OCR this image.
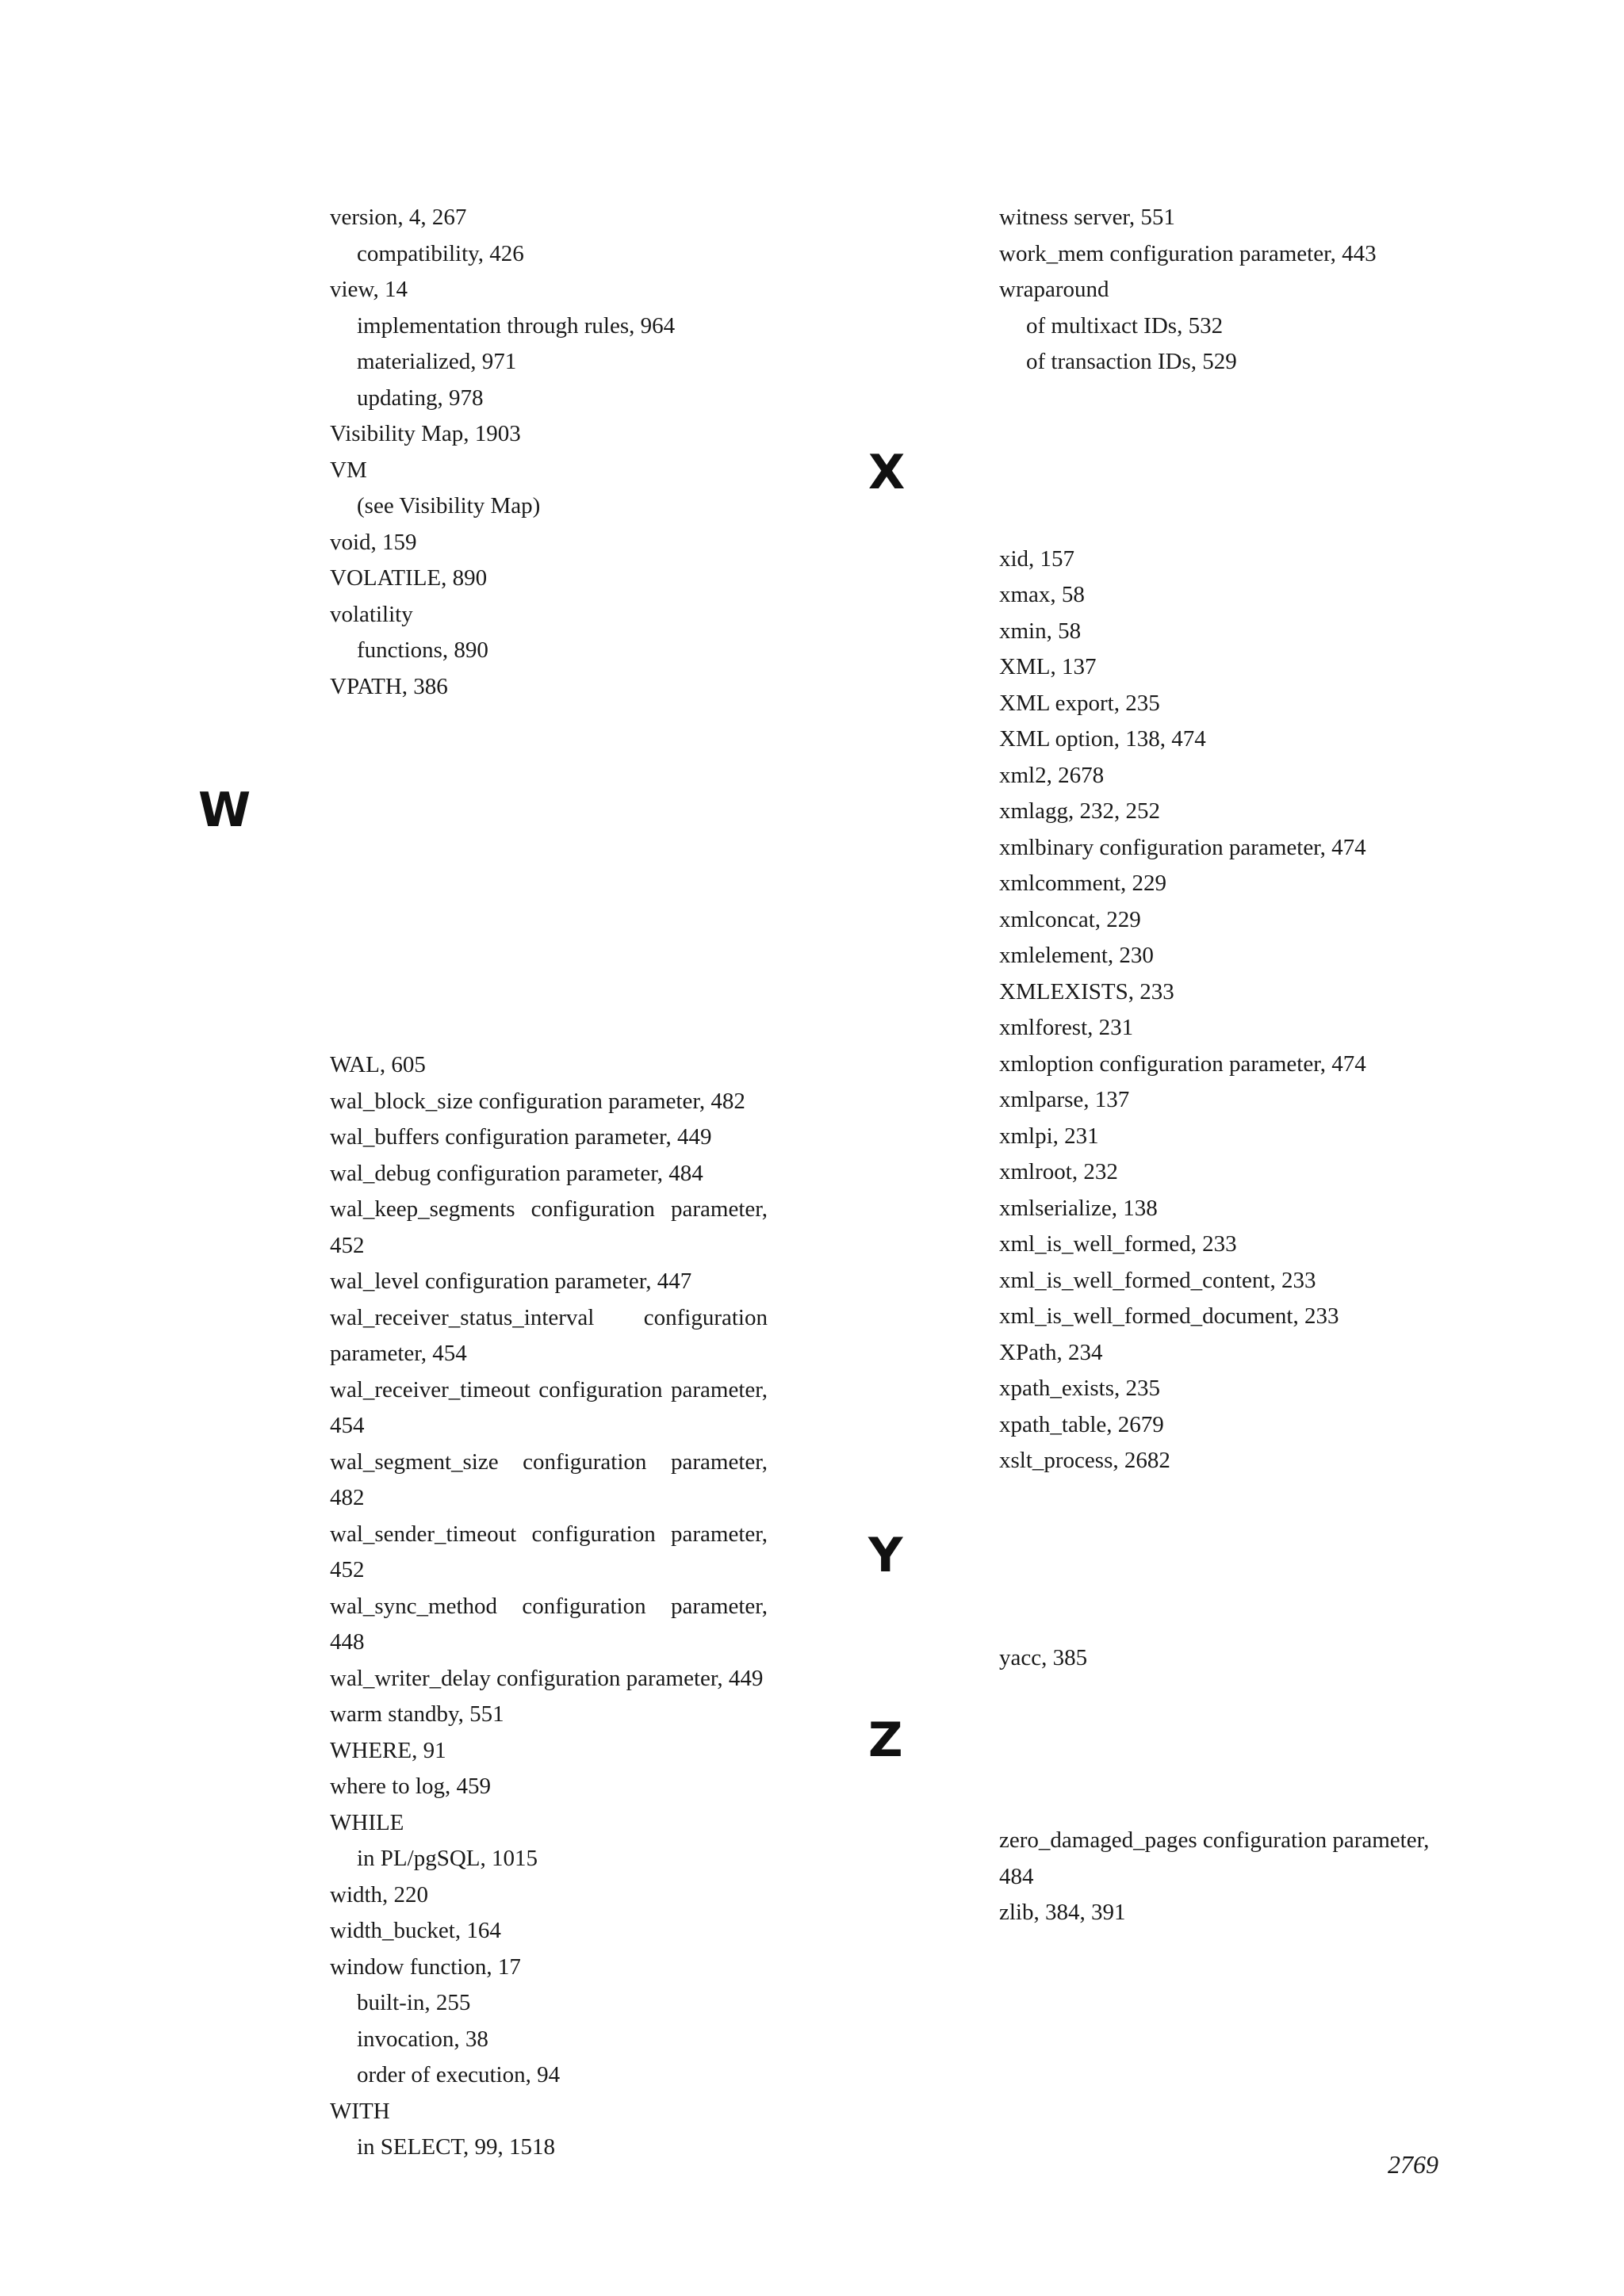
version, 4, 267
compatibility, 426
view, 14
implementation through rules, 964
materialized, 971
updating, 978
Visibility Map, 1903
VM
(see Visibility Map)
void, 159
VOLATILE, 890
volatility
functions, 890
VPATH, 386
WAL, 605
wal_block_size configuration parameter, 482
wal_buffers configuration parameter, 449
wal_debug configuration parameter, 484
wal_keep_segments configuration parameter, 452
wal_level configuration parameter, 447
wal_receiver_status_interval configuration parameter, 454
wal_receiver_timeout configuration parameter, 454
wal_segment_size configuration parameter, 482
wal_sender_timeout configuration parameter, 452
wal_sync_method configuration parameter, 448
wal_writer_delay configuration parameter, 449
warm standby, 551
WHERE, 91
where to log, 459
WHILE
in PL/pgSQL, 1015
width, 220
width_bucket, 164
window function, 17
built-in, 255
invocation, 38
order of execution, 94
WITH
in SELECT, 99, 1518
witness server, 551
work_mem configuration parameter, 443
wraparound
of multixact IDs, 532
of transaction IDs, 529
xid, 157
xmax, 58
xmin, 58
XML, 137
XML export, 235
XML option, 138, 474
xml2, 2678
xmlagg, 232, 252
xmlbinary configuration parameter, 474
xmlcomment, 229
xmlconcat, 229
xmlelement, 230
XMLEXISTS, 233
xmlforest, 231
xmloption configuration parameter, 474
xmlparse, 137
xmlpi, 231
xmlroot, 232
xmlserialize, 138
xml_is_well_formed, 233
xml_is_well_formed_content, 233
xml_is_well_formed_document, 233
XPath, 234
xpath_exists, 235
xpath_table, 2679
xslt_process, 2682
yacc, 385
zero_damaged_pages configuration parameter, 484
zlib, 384, 391
W
X
Y
Z
2769
